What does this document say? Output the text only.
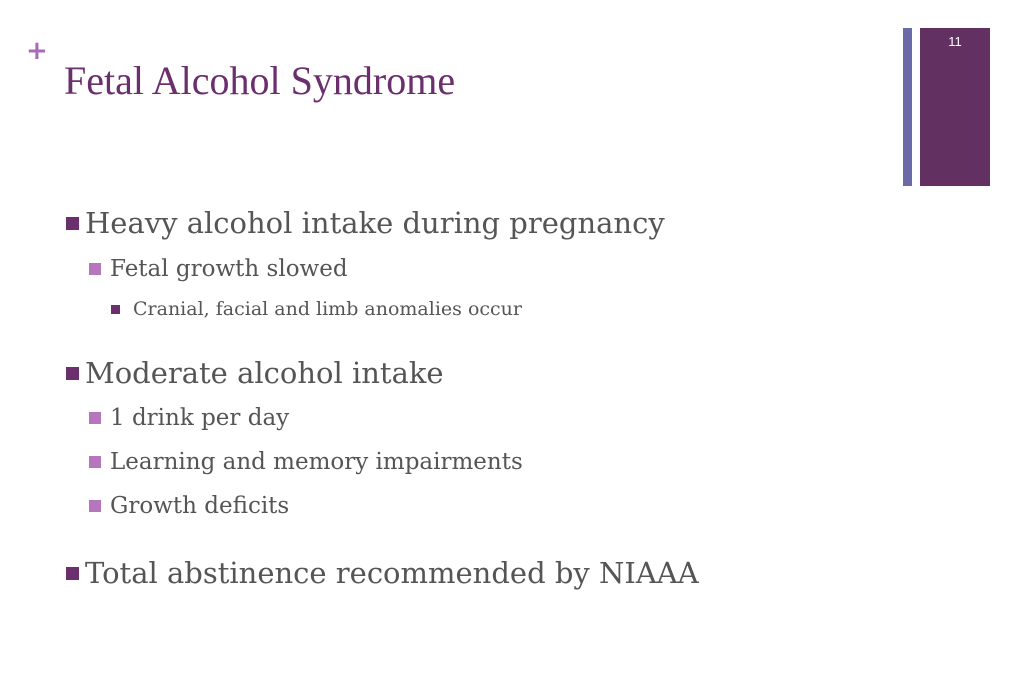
+
Fetal Alcohol Syndrome
11
Heavy alcohol intake during pregnancy
Fetal growth slowed
Cranial, facial and limb anomalies occur
Moderate alcohol intake
1 drink per day
Learning and memory impairments
Growth deficits
Total abstinence recommended by NIAAA
